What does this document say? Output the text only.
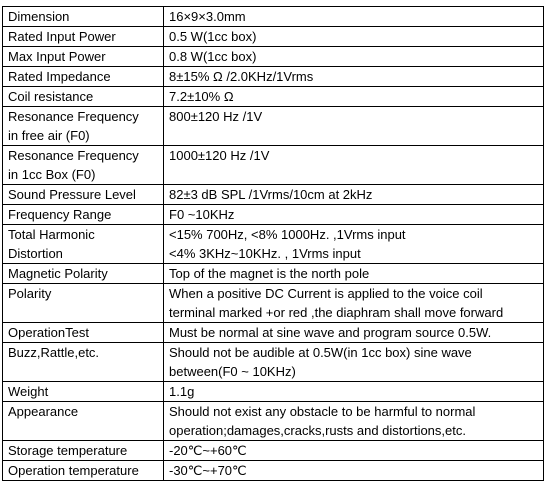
Dimension	16×9×3.0mm
Rated Input Power	0.5 W(1cc box)
Max Input Power	0.8 W(1cc box)
Rated Impedance	8±15% Ω /2.0KHz/1Vrms
Coil resistance	7.2±10% Ω
Resonance Frequency
in free air (F0)	800±120 Hz /1V
Resonance Frequency
in 1cc Box (F0)	1000±120 Hz /1V
Sound Pressure Level	82±3 dB SPL /1Vrms/10cm at 2kHz
Frequency Range	F0 ~10KHz
Total Harmonic
Distortion	<15% 700Hz, <8% 1000Hz. ,1Vrms input
<4% 3KHz~10KHz. , 1Vrms input
Magnetic Polarity	Top of the magnet is the north pole
Polarity	When a positive DC Current is applied to the voice coil
terminal marked +or red ,the diaphram shall move forward
OperationTest	Must be normal at sine wave and program source 0.5W.
Buzz,Rattle,etc.	Should not be audible at 0.5W(in 1cc box) sine wave
between(F0 ~ 10KHz)
Weight	1.1g
Appearance	Should not exist any obstacle to be harmful to normal
operation;damages,cracks,rusts and distortions,etc.
Storage temperature	-20℃~+60℃
Operation temperature	-30℃~+70℃
